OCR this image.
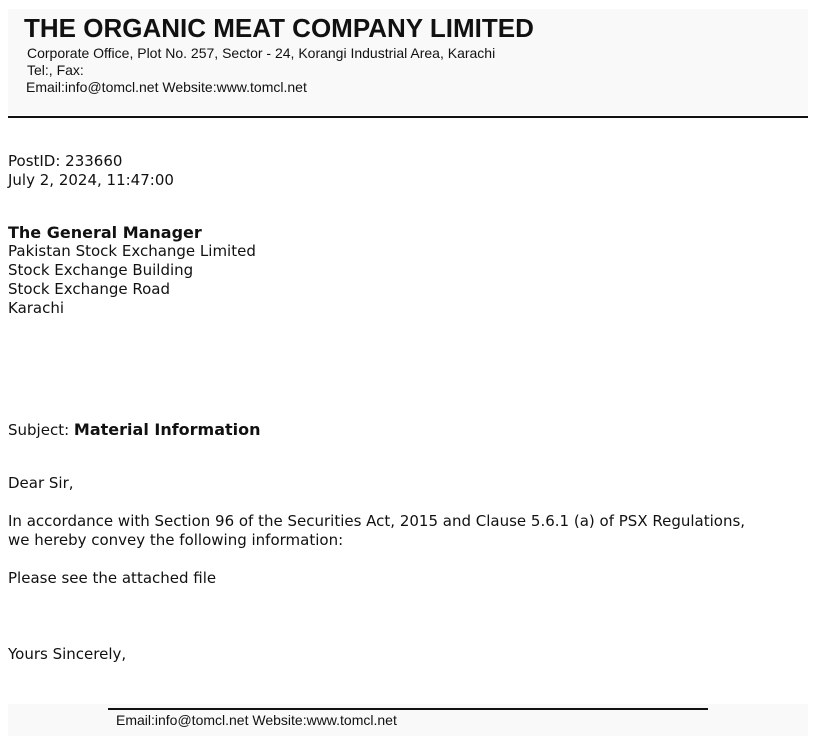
THE ORGANIC MEAT COMPANY LIMITED
Corporate Office, Plot No. 257, Sector - 24, Korangi Industrial Area, Karachi
Tel:, Fax:
Email:info@tomcl.net Website:www.tomcl.net
PostID: 233660
July 2, 2024, 11:47:00
The General Manager
Pakistan Stock Exchange Limited
Stock Exchange Building
Stock Exchange Road
Karachi
Subject: Material Information
Dear Sir,
In accordance with Section 96 of the Securities Act, 2015 and Clause 5.6.1 (a) of PSX Regulations,
we hereby convey the following information:
Please see the attached file
Yours Sincerely,
Email:info@tomcl.net Website:www.tomcl.net
